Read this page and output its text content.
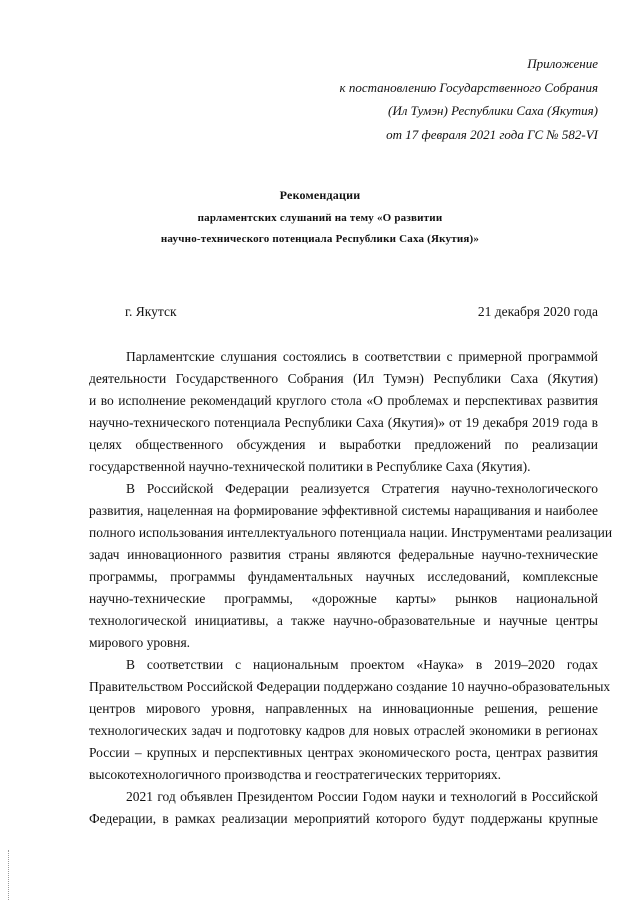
Приложение
к постановлению Государственного Собрания
(Ил Тумэн) Республики Саха (Якутия)
от 17 февраля 2021 года ГС № 582-VI
Рекомендации
парламентских слушаний на тему «О развитии
научно-технического потенциала Республики Саха (Якутия)»
г. Якутск	21 декабря 2020 года
Парламентские слушания состоялись в соответствии с примерной программой
деятельности Государственного Собрания (Ил Тумэн) Республики Саха (Якутия)
и во исполнение рекомендаций круглого стола «О проблемах и перспективах развития
научно-технического потенциала Республики Саха (Якутия)» от 19 декабря 2019 года в
целях общественного обсуждения и выработки предложений по реализации
государственной научно-технической политики в Республике Саха (Якутия).
В Российской Федерации реализуется Стратегия научно-технологического
развития, нацеленная на формирование эффективной системы наращивания и наиболее
полного использования интеллектуального потенциала нации. Инструментами реализации
задач инновационного развития страны являются федеральные научно-технические
программы, программы фундаментальных научных исследований, комплексные
научно-технические программы, «дорожные карты» рынков национальной
технологической инициативы, а также научно-образовательные и научные центры
мирового уровня.
В соответствии с национальным проектом «Наука» в 2019–2020 годах
Правительством Российской Федерации поддержано создание 10 научно-образовательных
центров мирового уровня, направленных на инновационные решения, решение
технологических задач и подготовку кадров для новых отраслей экономики в регионах
России – крупных и перспективных центрах экономического роста, центрах развития
высокотехнологичного производства и геостратегических территориях.
2021 год объявлен Президентом России Годом науки и технологий в Российской
Федерации, в рамках реализации мероприятий которого будут поддержаны крупные
